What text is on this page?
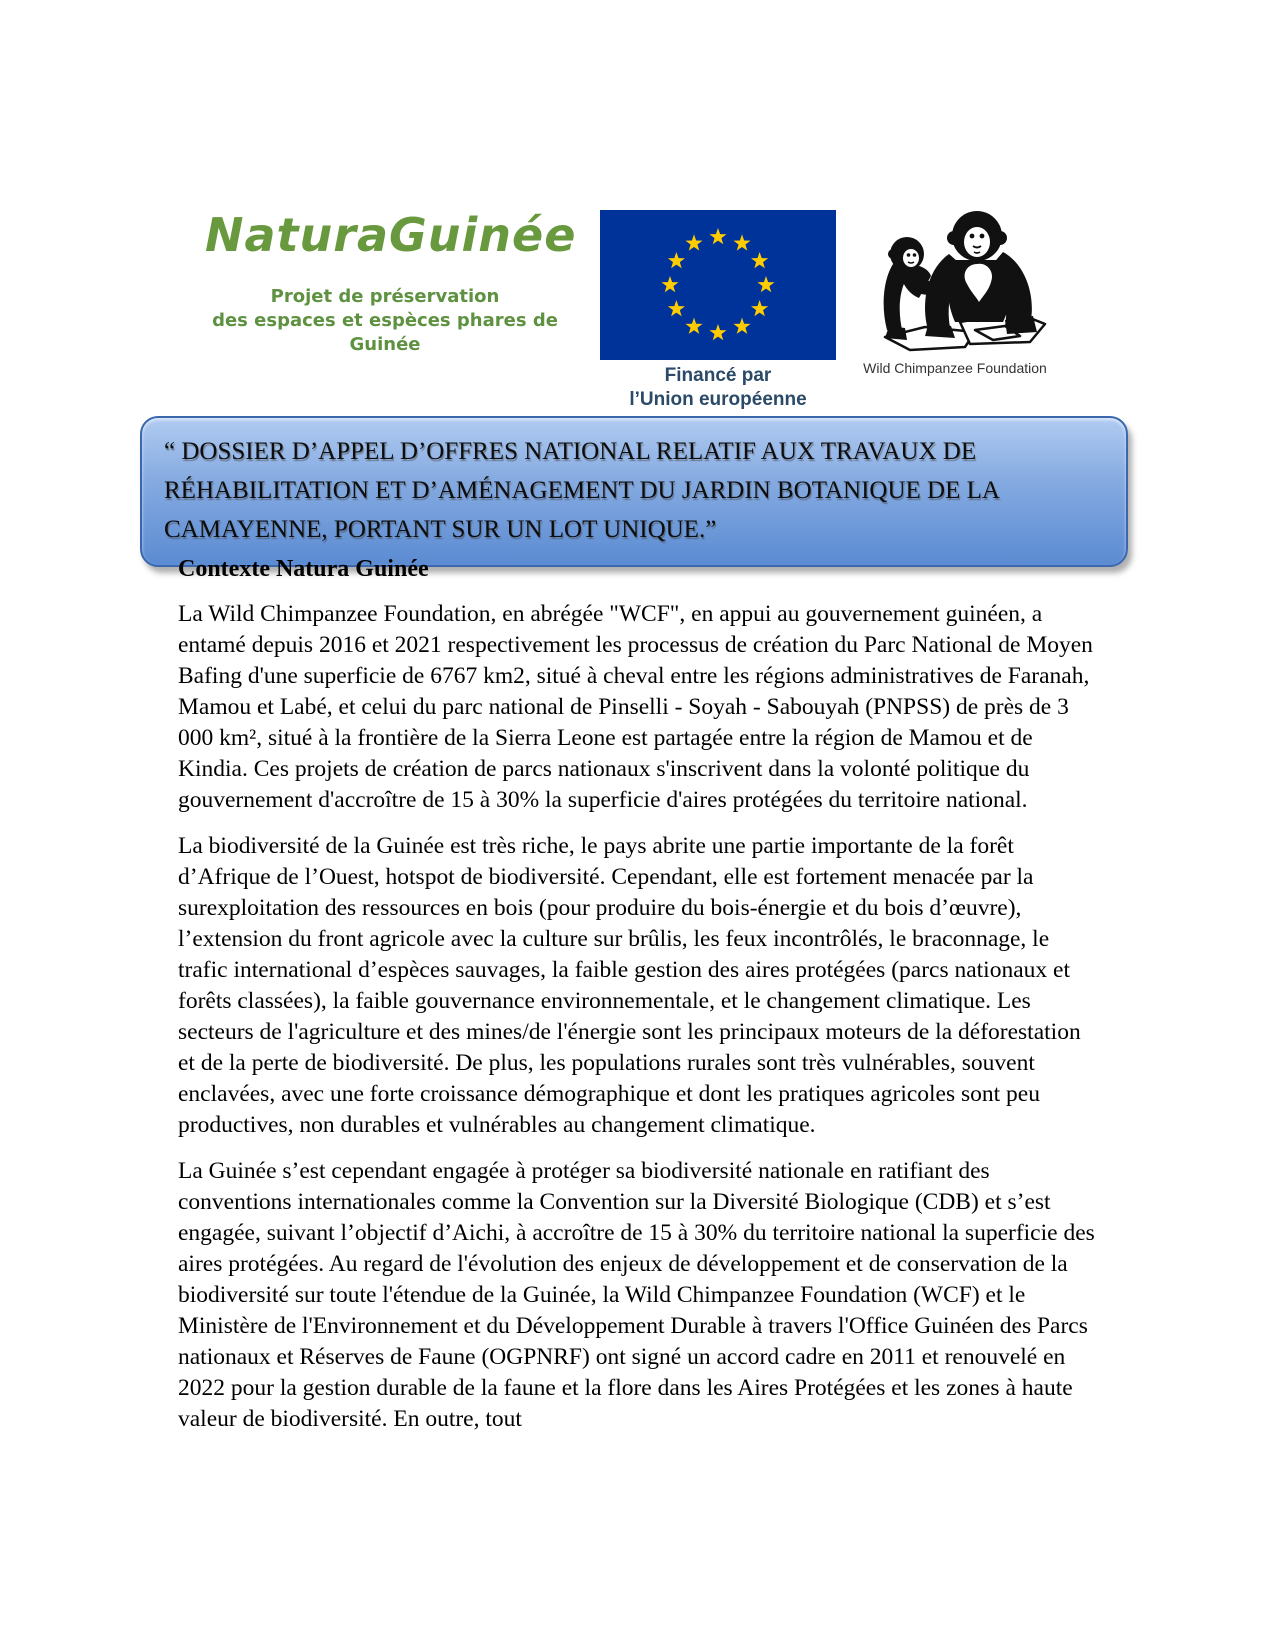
NaturaGuinée
Projet de préservation
des espaces et espèces phares de Guinée
Financé par
l’Union européenne
Wild Chimpanzee Foundation
“ DOSSIER D’APPEL D’OFFRES NATIONAL RELATIF AUX TRAVAUX DE RÉHABILITATION ET D’AMÉNAGEMENT DU JARDIN BOTANIQUE DE LA CAMAYENNE, PORTANT SUR UN LOT UNIQUE.”
Contexte Natura Guinée

La Wild Chimpanzee Foundation, en abrégée "WCF", en appui au gouvernement guinéen, a entamé depuis 2016 et 2021 respectivement les processus de création du Parc National de Moyen Bafing d'une superficie de 6767 km2, situé à cheval entre les régions administratives de Faranah, Mamou et Labé, et celui du parc national de Pinselli - Soyah - Sabouyah (PNPSS) de près de 3 000 km², situé à la frontière de la Sierra Leone est partagée entre la région de Mamou et de Kindia. Ces projets de création de parcs nationaux s'inscrivent dans la volonté politique du gouvernement d'accroître de 15 à 30% la superficie d'aires protégées du territoire national.

La biodiversité de la Guinée est très riche, le pays abrite une partie importante de la forêt d’Afrique de l’Ouest, hotspot de biodiversité. Cependant, elle est fortement menacée par la surexploitation des ressources en bois (pour produire du bois-énergie et du bois d’œuvre), l’extension du front agricole avec la culture sur brûlis, les feux incontrôlés, le braconnage, le trafic international d’espèces sauvages, la faible gestion des aires protégées (parcs nationaux et forêts classées), la faible gouvernance environnementale, et le changement climatique. Les secteurs de l'agriculture et des mines/de l'énergie sont les principaux moteurs de la déforestation et de la perte de biodiversité. De plus, les populations rurales sont très vulnérables, souvent enclavées, avec une forte croissance démographique et dont les pratiques agricoles sont peu productives, non durables et vulnérables au changement climatique.

La Guinée s’est cependant engagée à protéger sa biodiversité nationale en ratifiant des conventions internationales comme la Convention sur la Diversité Biologique (CDB) et s’est engagée, suivant l’objectif d’Aichi, à accroître de 15 à 30% du territoire national la superficie des aires protégées. Au regard de l'évolution des enjeux de développement et de conservation de la biodiversité sur toute l'étendue de la Guinée, la Wild Chimpanzee Foundation (WCF) et le Ministère de l'Environnement et du Développement Durable à travers l'Office Guinéen des Parcs nationaux et Réserves de Faune (OGPNRF) ont signé un accord cadre en 2011 et renouvelé en 2022 pour la gestion durable de la faune et la flore dans les Aires Protégées et les zones à haute valeur de biodiversité. En outre, tout
